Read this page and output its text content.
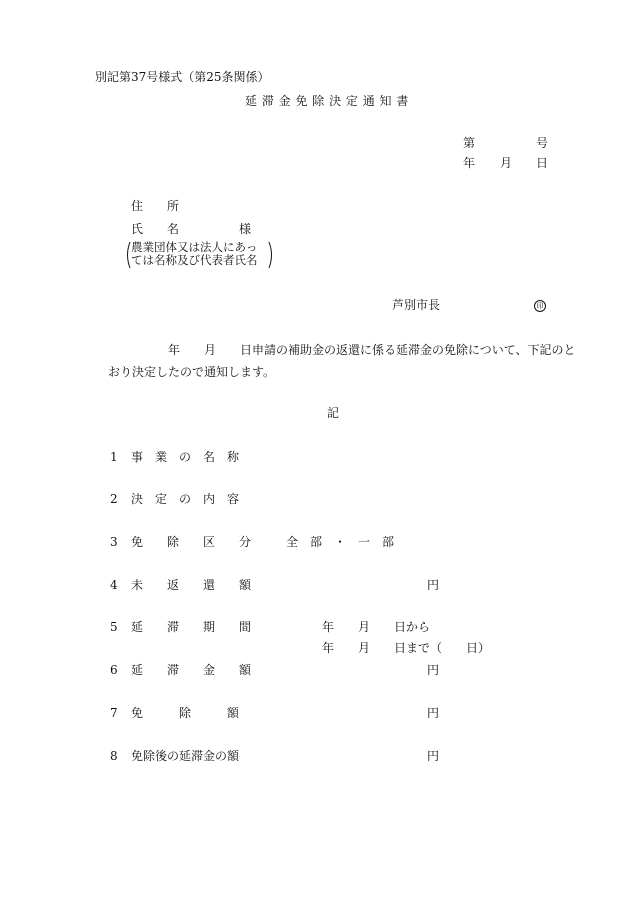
別記第37号様式（第25条関係）
延 滞 金 免 除 決 定 通 知 書
第	号
年 月 日
住　　所
氏　　名	様
農業団体又は法人にあっ
ては名称及び代表者氏名
芦別市長	印
年　　月　　日申請の補助金の返還に係る延滞金の免除について、下記のと
おり決定したので通知します。
記
1 事　業　の　名　称
2 決　定　の　内　容
3 免　　除　　区　　分	全　部　・　一　部
4 未　　返　　還　　額	円
5 延　　滞　　期　　間	年　　月　　日から
年　　月　　日まで（　　日）
6 延　　滞　　金　　額	円
7 免　　　除　　　額	円
8 免除後の延滞金の額	円
